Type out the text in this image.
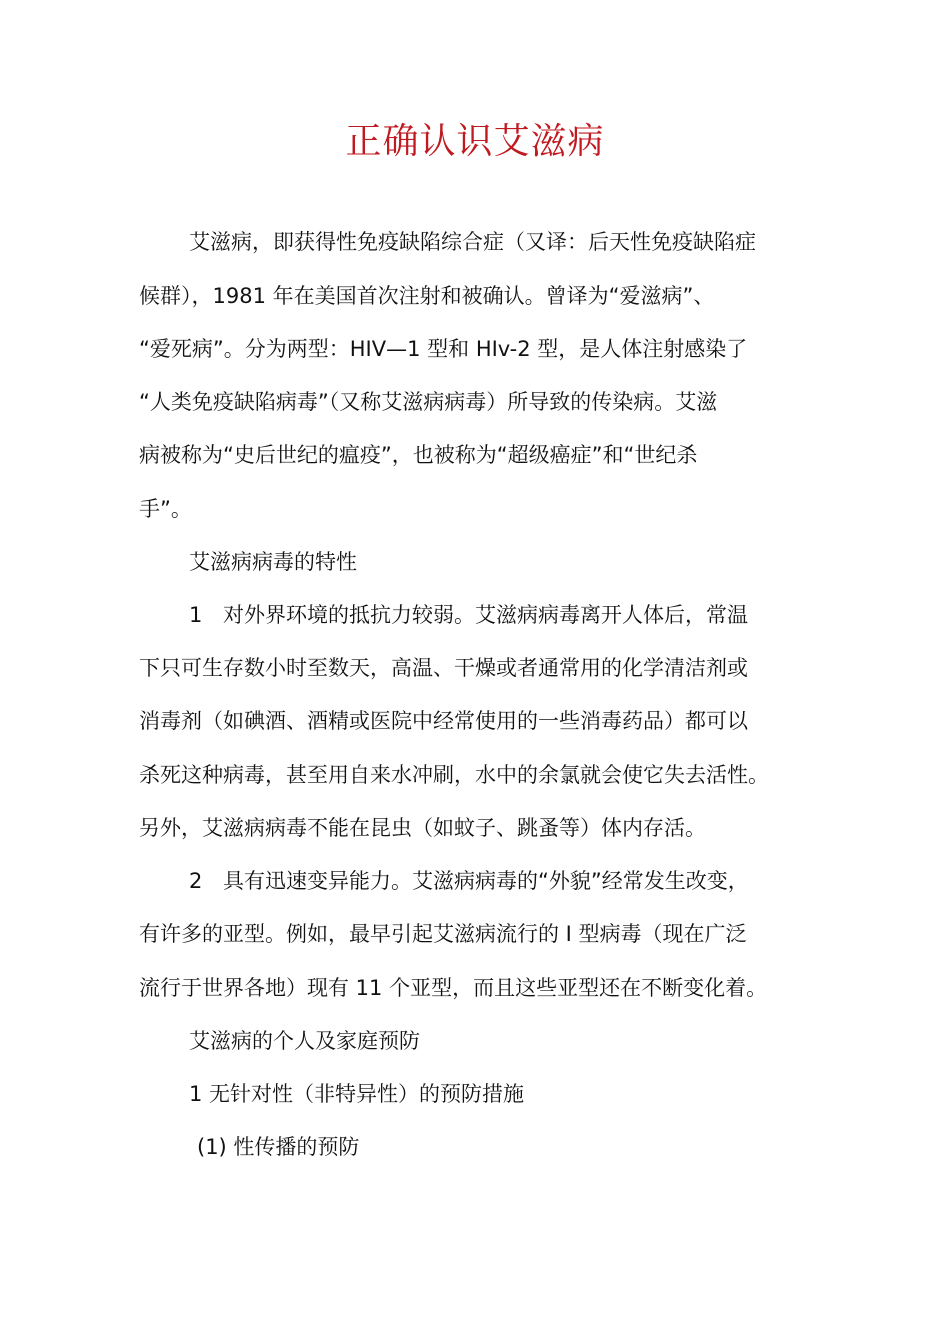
正确认识艾滋病
艾滋病，即获得性免疫缺陷综合症（又译：后天性免疫缺陷症
候群），1981 年在美国首次注射和被确认。曾译为“爱滋病”、
“爱死病”。分为两型：HIV—1 型和 HIv-2 型，是人体注射感染了
“人类免疫缺陷病毒”（又称艾滋病病毒）所导致的传染病。艾滋
病被称为“史后世纪的瘟疫”，也被称为“超级癌症”和“世纪杀
手”。
艾滋病病毒的特性
1 对外界环境的抵抗力较弱。艾滋病病毒离开人体后，常温
下只可生存数小时至数天，高温、干燥或者通常用的化学清洁剂或
消毒剂（如碘酒、酒精或医院中经常使用的一些消毒药品）都可以
杀死这种病毒，甚至用自来水冲刷，水中的余氯就会使它失去活性。
另外，艾滋病病毒不能在昆虫（如蚊子、跳蚤等）体内存活。
2 具有迅速变异能力。艾滋病病毒的“外貌”经常发生改变，
有许多的亚型。例如，最早引起艾滋病流行的 I 型病毒（现在广泛
流行于世界各地）现有 11 个亚型，而且这些亚型还在不断变化着。
艾滋病的个人及家庭预防
1 无针对性（非特异性）的预防措施
(1) 性传播的预防
